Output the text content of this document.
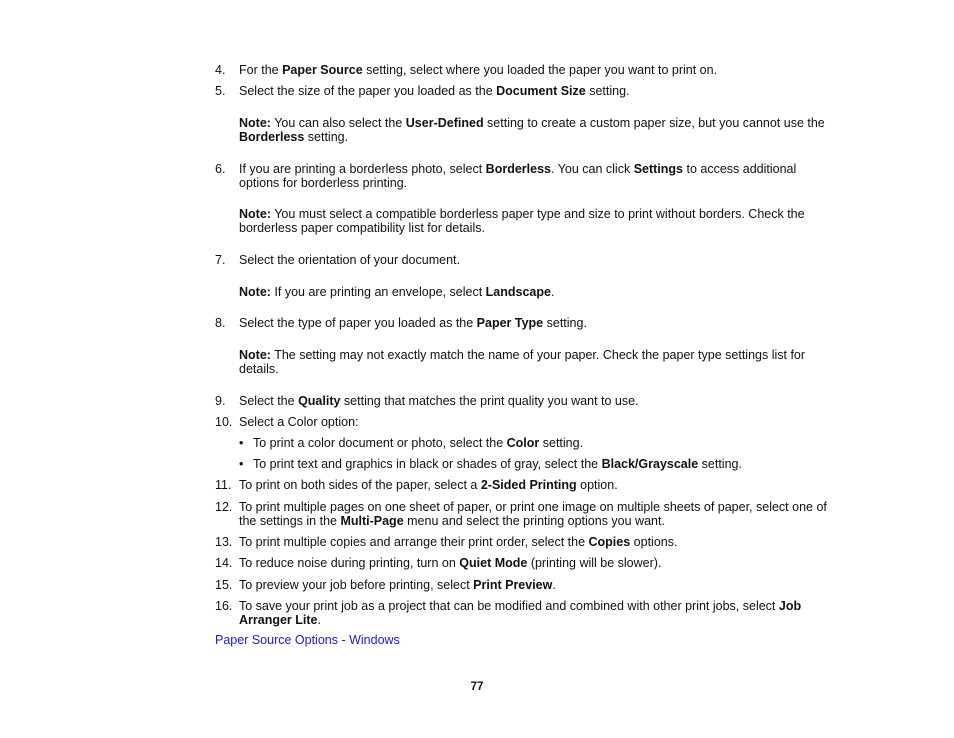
4. For the Paper Source setting, select where you loaded the paper you want to print on.
5. Select the size of the paper you loaded as the Document Size setting.
Note: You can also select the User-Defined setting to create a custom paper size, but you cannot use the Borderless setting.
6. If you are printing a borderless photo, select Borderless. You can click Settings to access additional options for borderless printing.
Note: You must select a compatible borderless paper type and size to print without borders. Check the borderless paper compatibility list for details.
7. Select the orientation of your document.
Note: If you are printing an envelope, select Landscape.
8. Select the type of paper you loaded as the Paper Type setting.
Note: The setting may not exactly match the name of your paper. Check the paper type settings list for details.
9. Select the Quality setting that matches the print quality you want to use.
10. Select a Color option:
• To print a color document or photo, select the Color setting.
• To print text and graphics in black or shades of gray, select the Black/Grayscale setting.
11. To print on both sides of the paper, select a 2-Sided Printing option.
12. To print multiple pages on one sheet of paper, or print one image on multiple sheets of paper, select one of the settings in the Multi-Page menu and select the printing options you want.
13. To print multiple copies and arrange their print order, select the Copies options.
14. To reduce noise during printing, turn on Quiet Mode (printing will be slower).
15. To preview your job before printing, select Print Preview.
16. To save your print job as a project that can be modified and combined with other print jobs, select Job Arranger Lite.
Paper Source Options - Windows
77
